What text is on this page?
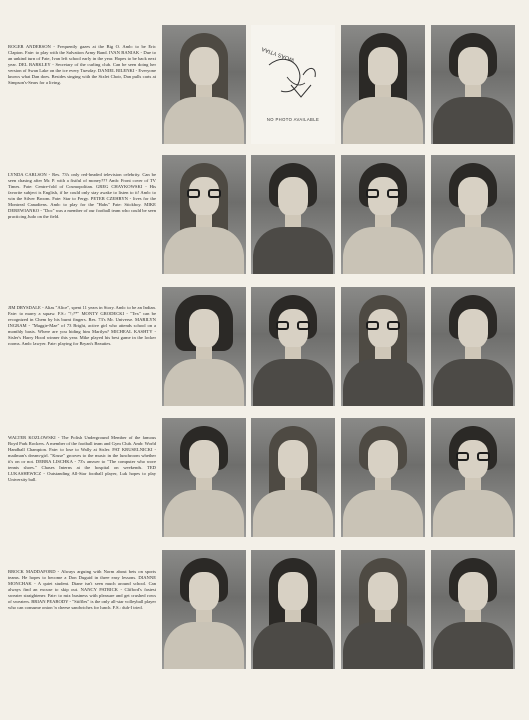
ROGER ANDERSON - Frequently gazes at the Big O. Amb: to be Eric Clapton. Fate: to play with the Salvation Army Band. IVAN BANIAK - Due to an unkind turn of Fate, Ivan left school early in the year. Hopes to be back next year. DEL BARKLEY - Secretary of the curling club. Can be seen doing her version of Swan Lake on the ice every Tuesday. DANIEL BILENKI - Everyone knows what Dan does. Besides singing with the Sixlet Choir, Dan pulls carts at Simpson's-Sears for a living.
WOAS YTIAA
NO PHOTO AVAILABLE
LYNDA CARLSON - Res. 73's only red-headed television celebrity. Can be seen chasing after Mr. P. with a fistful of money??? Amb: Front cover of TV Times. Fate: Centre-fold of Cosmopolitan. GREG CHAYKOWSKI - His favorite subject is English, if he could only stay awake to listen to it! Amb: to win the Silver Broom. Fate: Star to Fergy. PETER CZEHRYN - lives for the Montreal Canadiens. Amb: to play for the "Habs" Fate: Stickboy. MIKE DEREWIANKO - "Doc" was a member of our football team who could be seen practicing Judo on the field.
JIM DRYSDALE - Alias "Alice", spent 11 years in Story. Amb: to be an Indian. Fate: to marry a squaw. F.S.: "!;?*" MONTY GRODECKI - "Tex" can be recognized in Chem by his burnt fingers. Res. 73's Mr. Universe. MARILYN INGRAM - "Maggie-Mae" of 73 Bright, active girl who attends school on a monthly basis. Where are you hiding him Marilyn? MICHEAL KASHTY - Sisler's Harry Hood winner this year. Mike played his best game in the locker rooms. Amb: lawyer. Fate: playing for Bryan's Beauties.
WALTER KOZLOWSKI - The Polish Underground Member of the famous Boyd Park Rockers. A member of the football team and Gym Club. Amb: World Handball Champion. Fate: to lose to Wally at Sisler. PAT KRUSELNICKI - mailman's dream-girl. "Kruse" grooves to the music in the lunchroom whether it's on or not. DEBRA LISCHKA - 73's answer to "The computer who wore tennis shoes." Chases Interns at the hospital on weekends. TED LUKASHEWICZ - Outstanding All-Star football player, Luk hopes to play University ball.
BROCK MADDAFORD - Always arguing with Norm about bets on sports teams. He hopes to become a Don Duguid in three easy lessons. DIANNE MONCHAK - A quiet student. Diane isn't seen much around school. Can always find an excuse to skip out. NANCY PATRICK - Clifford's fastest sweater straightener. Fate: to mix business with pleasure and get crushed rows of sweaters. BRIAN PEABODY - "Stiffles" is the only all-star volleyball player who can consume onion 'n cheese sandwiches for lunch. F.S.: duh-I tried.
